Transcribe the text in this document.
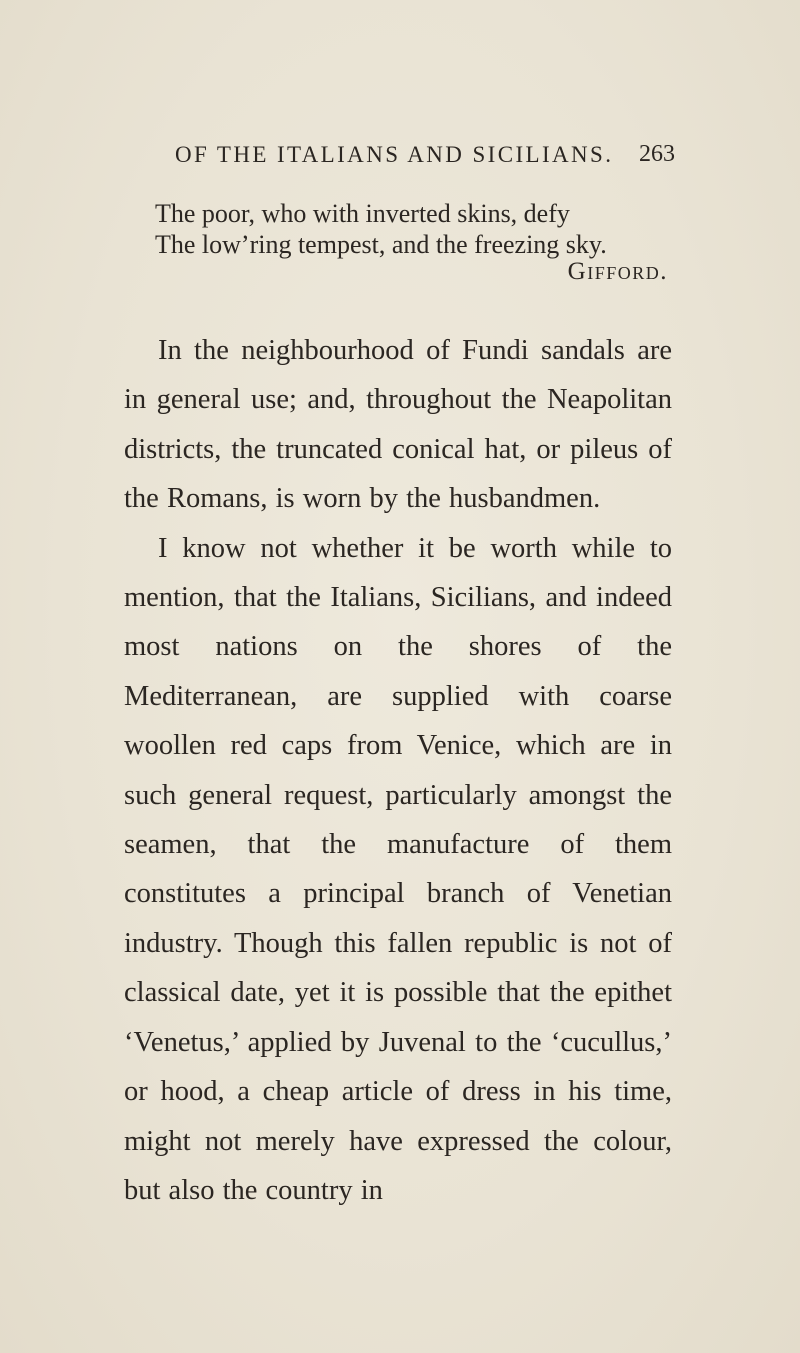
OF THE ITALIANS AND SICILIANS. 263
The poor, who with inverted skins, defy
The low’ring tempest, and the freezing sky.
Gifford.

In the neighbourhood of Fundi sandals are in general use; and, throughout the Neapolitan districts, the truncated conical hat, or pileus of the Romans, is worn by the husbandmen.

I know not whether it be worth while to mention, that the Italians, Sicilians, and indeed most nations on the shores of the Mediterranean, are supplied with coarse woollen red caps from Venice, which are in such general request, particularly amongst the seamen, that the manufacture of them constitutes a principal branch of Venetian industry. Though this fallen republic is not of classical date, yet it is possible that the epithet ‘Venetus,’ applied by Juvenal to the ‘cucullus,’ or hood, a cheap article of dress in his time, might not merely have expressed the colour, but also the country in
